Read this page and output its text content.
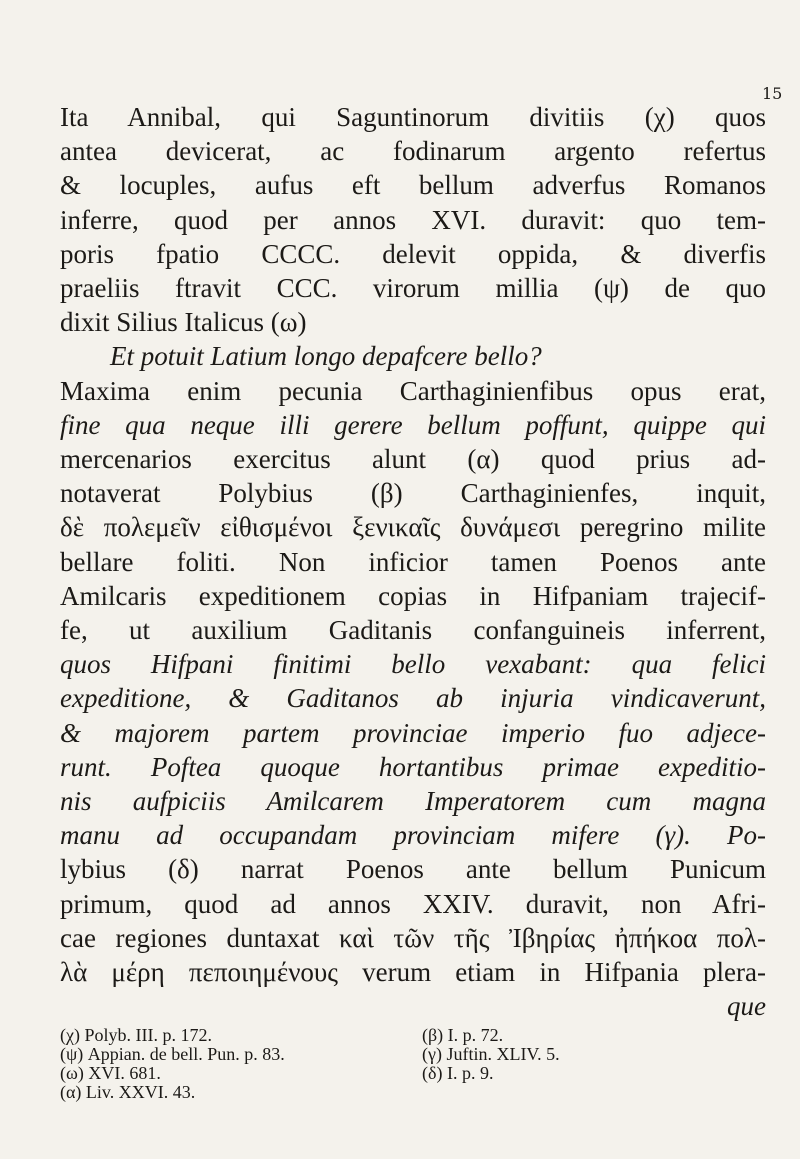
15
Ita Annibal, qui Saguntinorum divitiis (χ) quos
antea devicerat, ac fodinarum argento refertus
& locuples, aufus eft bellum adverfus Romanos
inferre, quod per annos XVI. duravit: quo tem-
poris fpatio CCCC. delevit oppida, & diverfis
praeliis ftravit CCC. virorum millia (ψ) de quo
dixit Silius Italicus (ω)
Et potuit Latium longo depafcere bello?
Maxima enim pecunia Carthaginienfibus opus erat,
fine qua neque illi gerere bellum poffunt, quippe qui
mercenarios exercitus alunt (α) quod prius ad-
notaverat Polybius (β) Carthaginienfes, inquit,
δὲ πολεμεῖν εἰθισμένοι ξενικαῖς δυνάμεσι peregrino milite
bellare foliti. Non inficior tamen Poenos ante
Amilcaris expeditionem copias in Hifpaniam trajecif-
fe, ut auxilium Gaditanis confanguineis inferrent,
quos Hifpani finitimi bello vexabant: qua felici
expeditione, & Gaditanos ab injuria vindicaverunt,
& majorem partem provinciae imperio fuo adjece-
runt. Poftea quoque hortantibus primae expeditio-
nis aufpiciis Amilcarem Imperatorem cum magna
manu ad occupandam provinciam mifere (γ). Po-
lybius (δ) narrat Poenos ante bellum Punicum
primum, quod ad annos XXIV. duravit, non Afri-
cae regiones duntaxat καὶ τῶν τῆς Ἰβηρίας ἠπήκοα πολ-
λὰ μέρη πεποιημένους verum etiam in Hifpania plera-
que
(χ) Polyb. III. p. 172.
(ψ) Appian. de bell. Pun. p. 83.
(ω) XVI. 681.
(α) Liv. XXVI. 43.
(β) I. p. 72.
(γ) Juftin. XLIV. 5.
(δ) I. p. 9.
